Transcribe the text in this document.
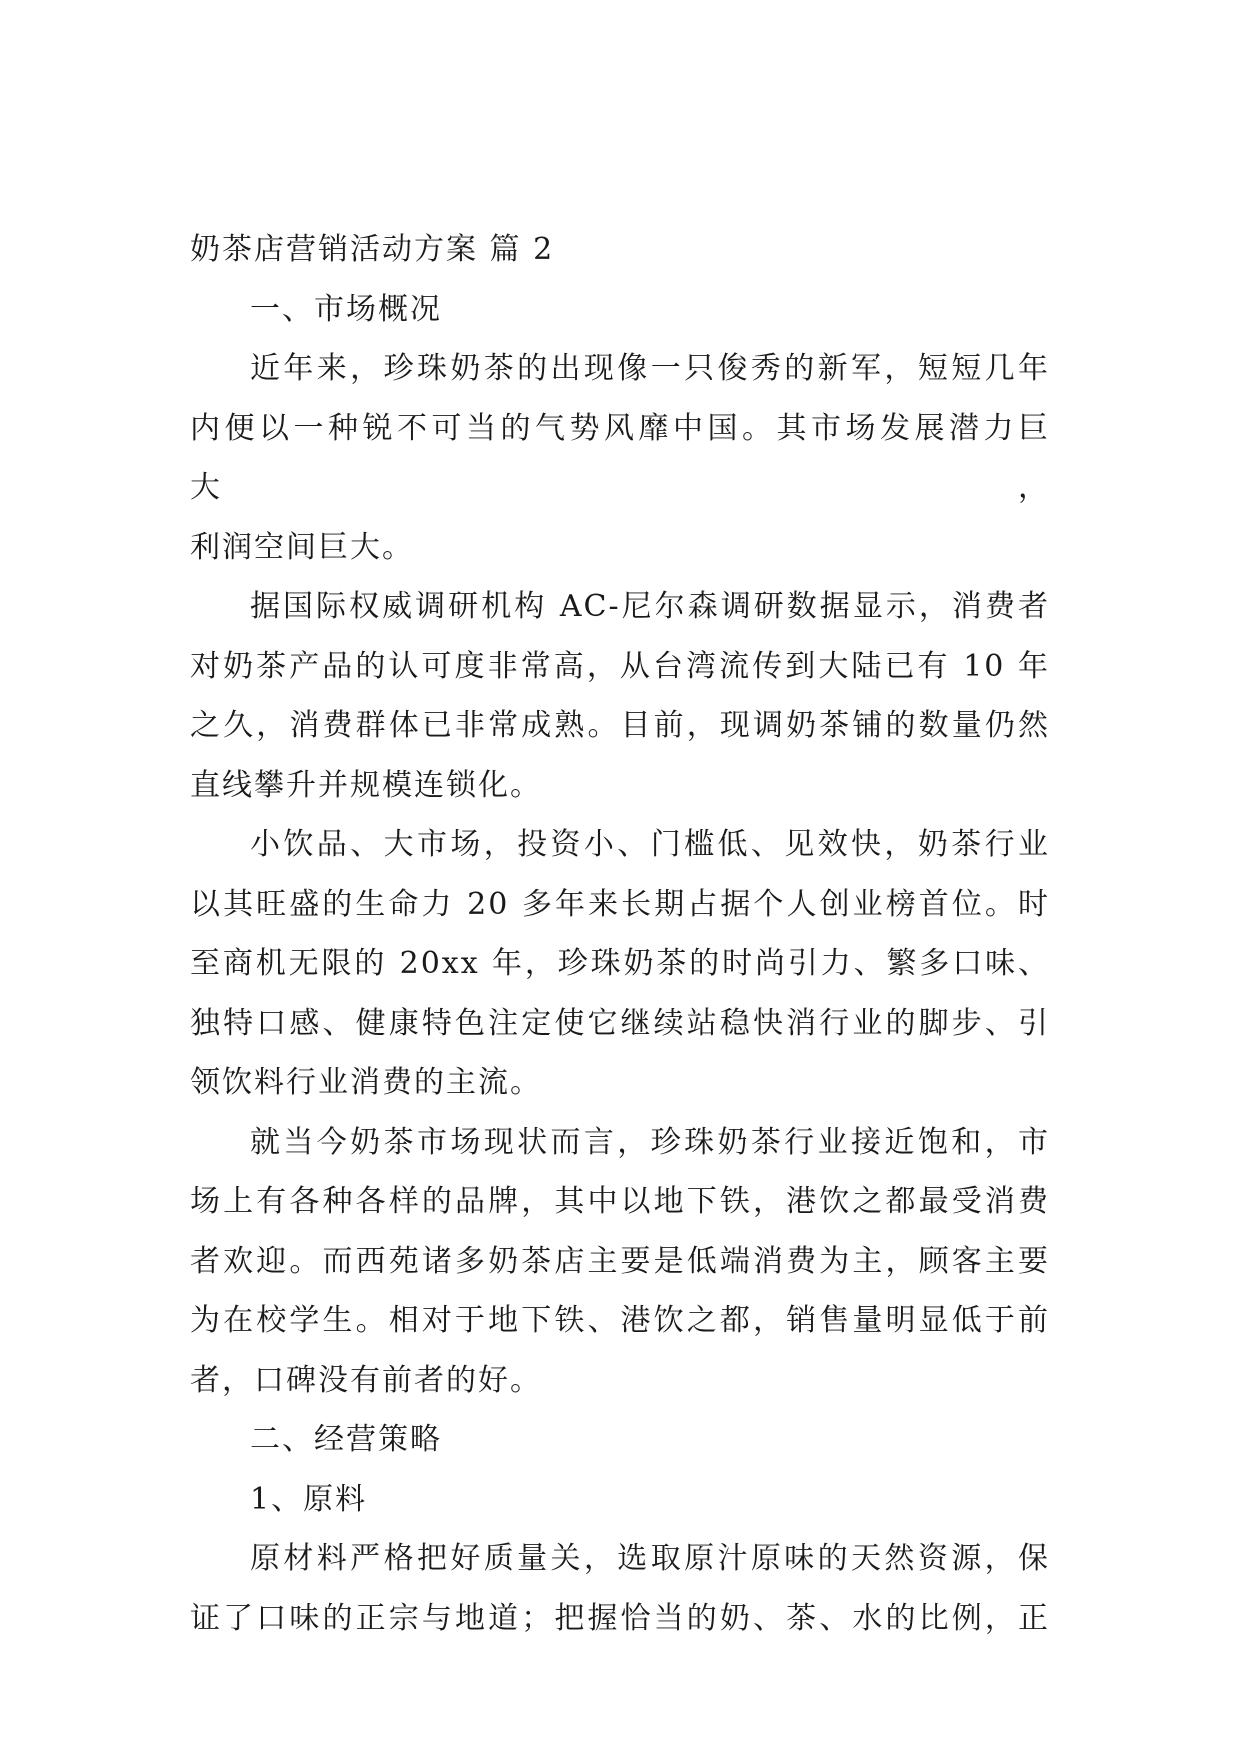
奶茶店营销活动方案 篇 2

一、市场概况

近年来，珍珠奶茶的出现像一只俊秀的新军，短短几年

内便以一种锐不可当的气势风靡中国。其市场发展潜力巨大，

利润空间巨大。

据国际权威调研机构 AC-尼尔森调研数据显示，消费者

对奶茶产品的认可度非常高，从台湾流传到大陆已有 10 年

之久，消费群体已非常成熟。目前，现调奶茶铺的数量仍然

直线攀升并规模连锁化。

小饮品、大市场，投资小、门槛低、见效快，奶茶行业

以其旺盛的生命力 20 多年来长期占据个人创业榜首位。时

至商机无限的 20xx 年，珍珠奶茶的时尚引力、繁多口味、

独特口感、健康特色注定使它继续站稳快消行业的脚步、引

领饮料行业消费的主流。

就当今奶茶市场现状而言，珍珠奶茶行业接近饱和，市

场上有各种各样的品牌，其中以地下铁，港饮之都最受消费

者欢迎。而西苑诸多奶茶店主要是低端消费为主，顾客主要

为在校学生。相对于地下铁、港饮之都，销售量明显低于前

者，口碑没有前者的好。

二、经营策略

1、原料

原材料严格把好质量关，选取原汁原味的天然资源，保

证了口味的正宗与地道；把握恰当的奶、茶、水的比例，正
